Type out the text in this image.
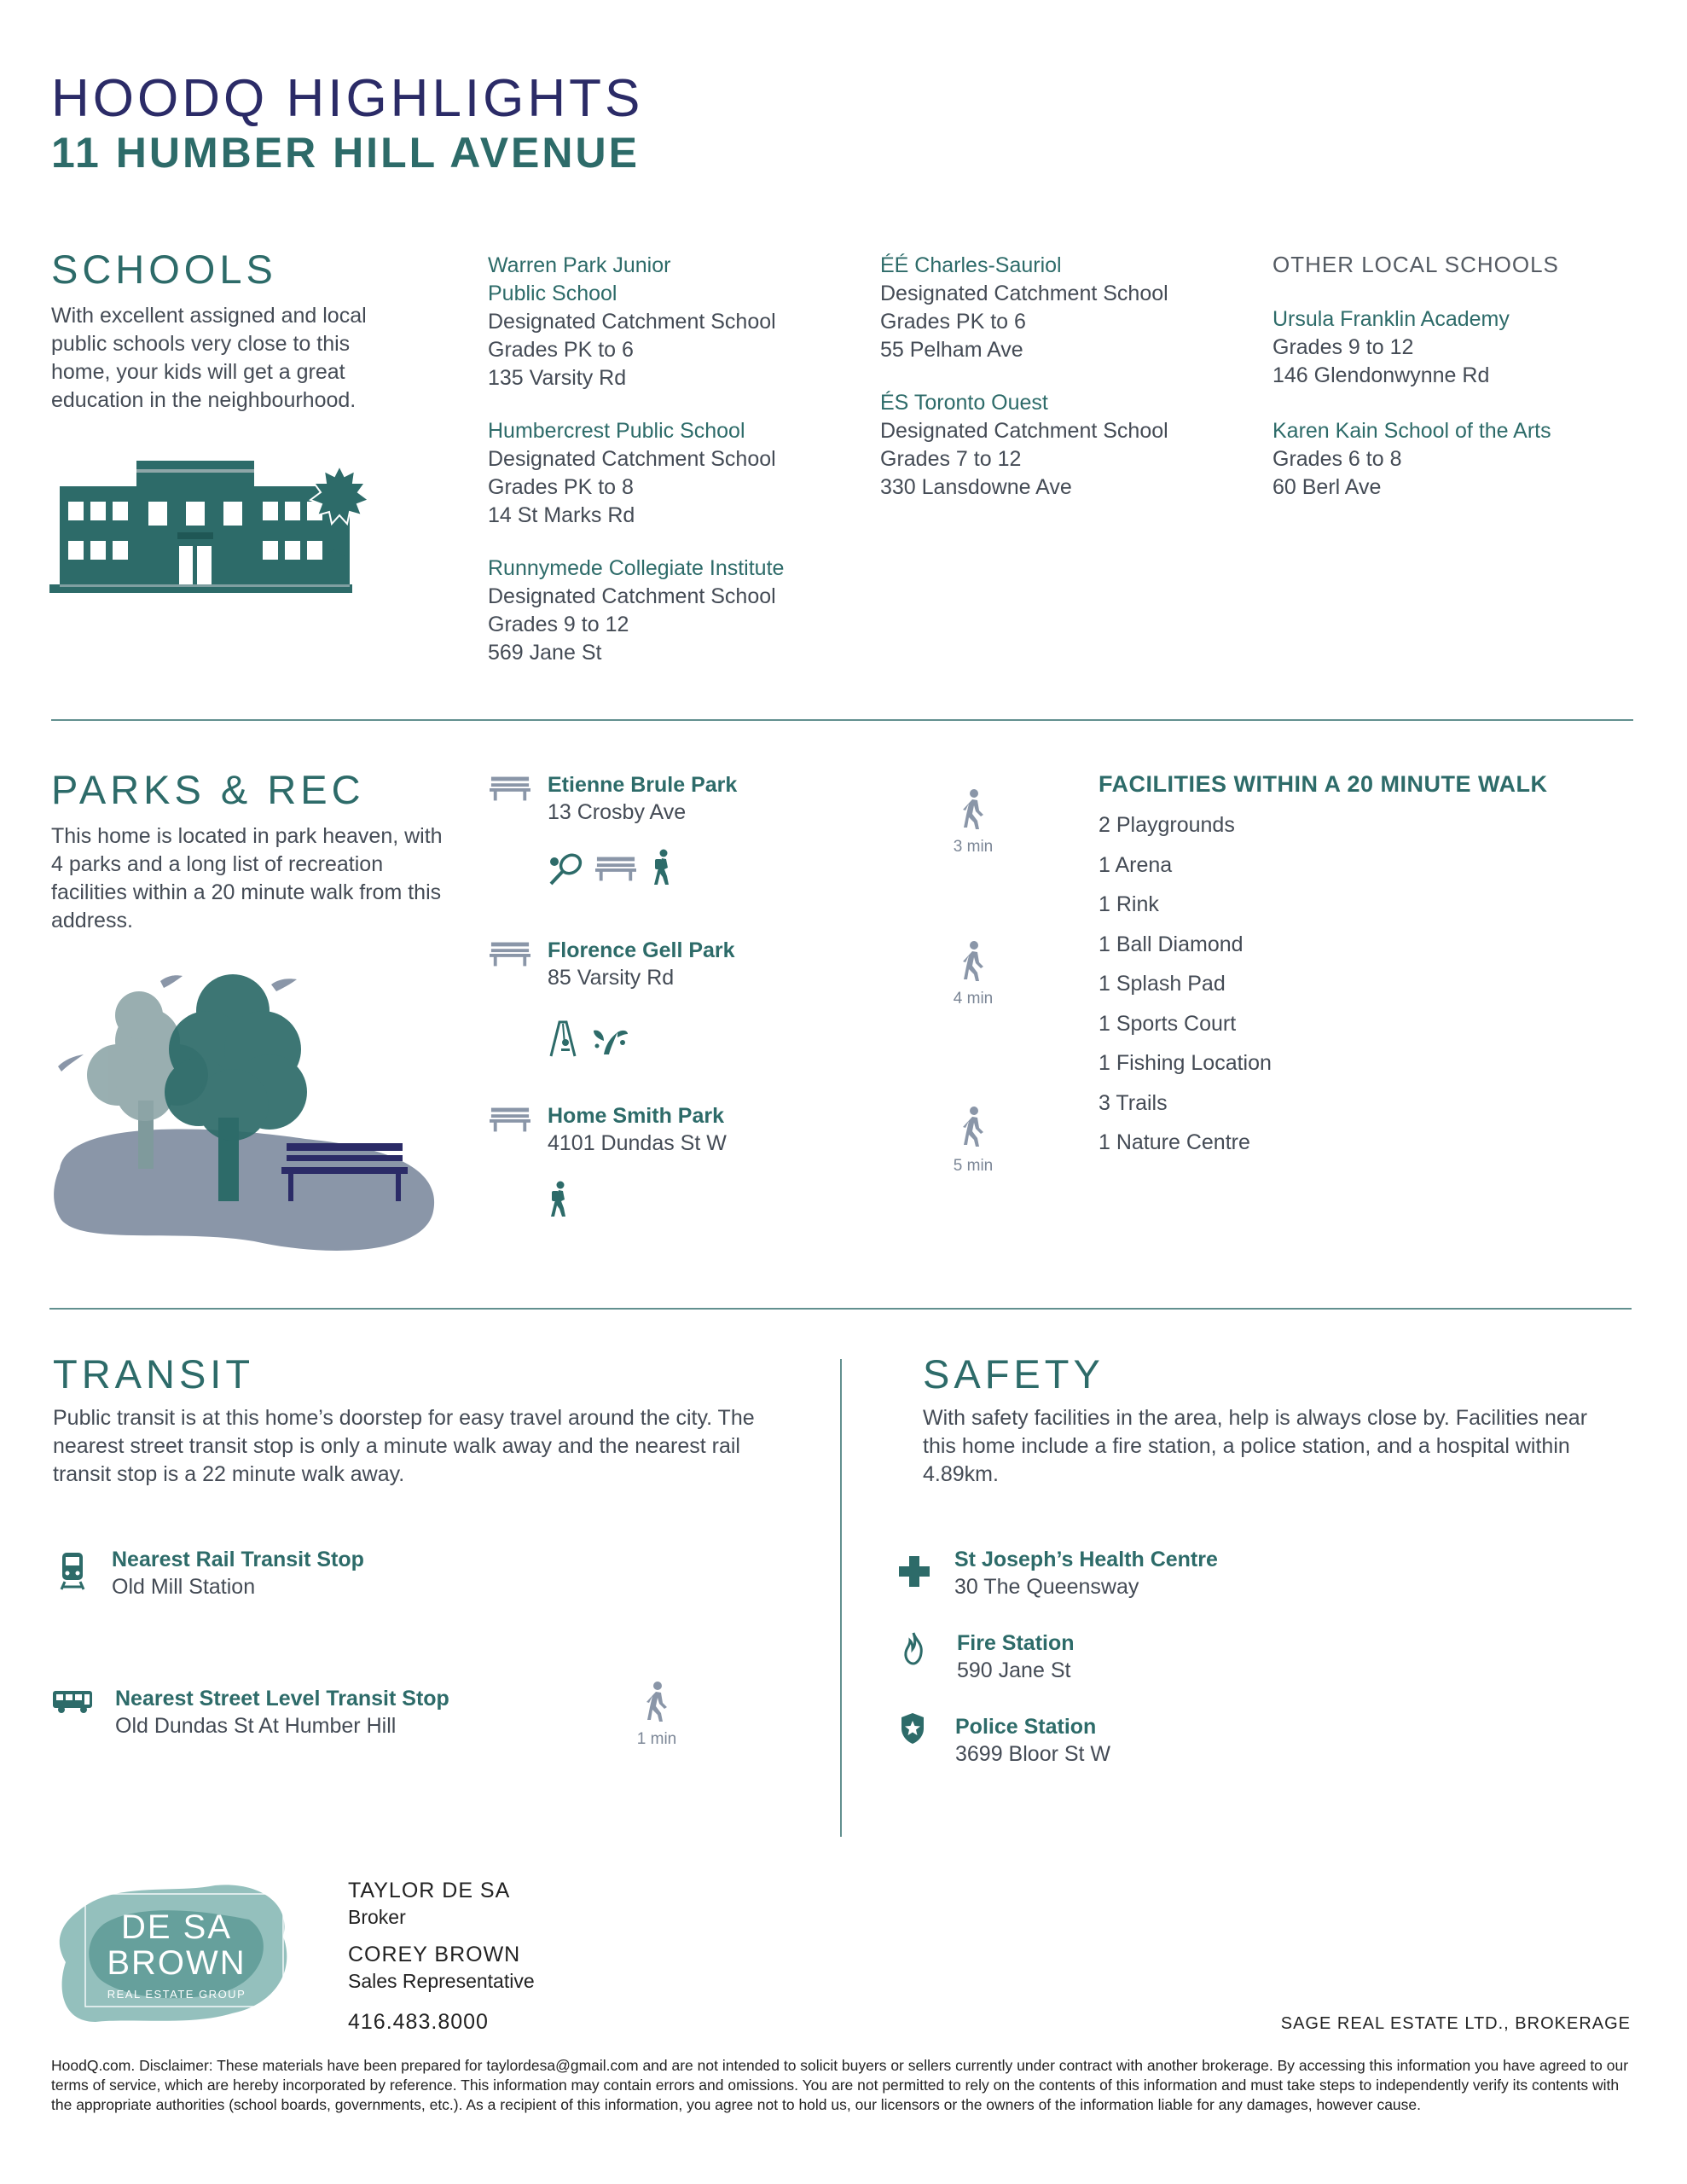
HOODQ HIGHLIGHTS
11 HUMBER HILL AVENUE
SCHOOLS

With excellent assigned and local public schools very close to this home, your kids will get a great education in the neighbourhood.

Warren Park Junior Public School
Designated Catchment School
Grades PK to 6
135 Varsity Rd
Humbercrest Public School
Designated Catchment School
Grades PK to 8
14 St Marks Rd
Runnymede Collegiate Institute
Designated Catchment School
Grades 9 to 12
569 Jane St
ÉÉ Charles-Sauriol
Designated Catchment School
Grades PK to 6
55 Pelham Ave
ÉS Toronto Ouest
Designated Catchment School
Grades 7 to 12
330 Lansdowne Ave
OTHER LOCAL SCHOOLS
Ursula Franklin Academy
Grades 9 to 12
146 Glendonwynne Rd
Karen Kain School of the Arts
Grades 6 to 8
60 Berl Ave
PARKS & REC

This home is located in park heaven, with 4 parks and a long list of recreation facilities within a 20 minute walk from this address.

Etienne Brule Park
13 Crosby Ave
3 min
Florence Gell Park
85 Varsity Rd
4 min
Home Smith Park
4101 Dundas St W
5 min
FACILITIES WITHIN A 20 MINUTE WALK
2 Playgrounds
1 Arena
1 Rink
1 Ball Diamond
1 Splash Pad
1 Sports Court
1 Fishing Location
3 Trails
1 Nature Centre
TRANSIT

Public transit is at this home’s doorstep for easy travel around the city. The nearest street transit stop is only a minute walk away and the nearest rail transit stop is a 22 minute walk away.

Nearest Rail Transit Stop
Old Mill Station
Nearest Street Level Transit Stop
Old Dundas St At Humber Hill
1 min
SAFETY

With safety facilities in the area, help is always close by. Facilities near this home include a fire station, a police station, and a hospital within 4.89km.

St Joseph’s Health Centre
30 The Queensway
Fire Station
590 Jane St
Police Station
3699 Bloor St W
DE SA
BROWN
REAL ESTATE GROUP
TAYLOR DE SA
Broker
COREY BROWN
Sales Representative
416.483.8000	SAGE REAL ESTATE LTD., BROKERAGE

HoodQ.com. Disclaimer: These materials have been prepared for taylordesa@gmail.com and are not intended to solicit buyers or sellers currently under contract with another brokerage. By accessing this information you have agreed to our terms of service, which are hereby incorporated by reference. This information may contain errors and omissions. You are not permitted to rely on the contents of this information and must take steps to independently verify its contents with the appropriate authorities (school boards, governments, etc.). As a recipient of this information, you agree not to hold us, our licensors or the owners of the information liable for any damages, however cause.
